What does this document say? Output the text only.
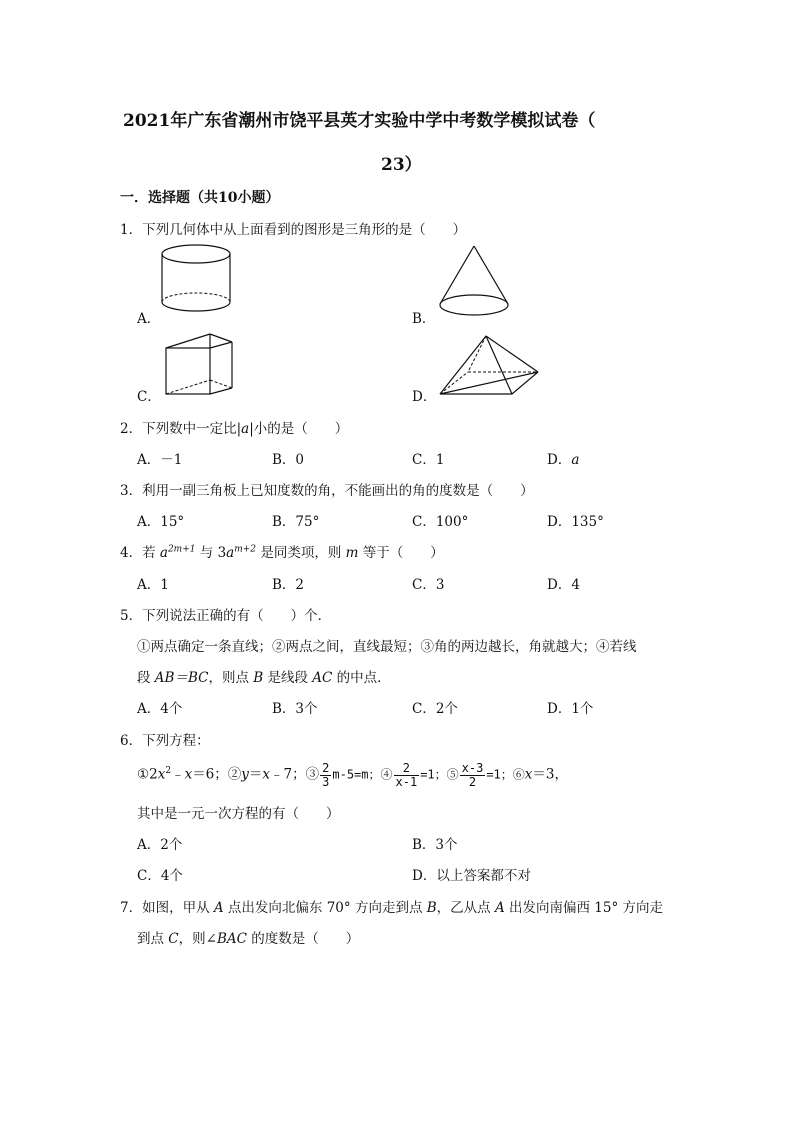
2021年广东省潮州市饶平县英才实验中学中考数学模拟试卷（
23）
一．选择题（共10小题）
1．下列几何体中从上面看到的图形是三角形的是（　　）
A．	B．
C．	D．
2．下列数中一定比|a|小的是（　　）
A．－1	B．0	C．1	D．a
3．利用一副三角板上已知度数的角，不能画出的角的度数是（　　）
A．15°	B．75°	C．100°	D．135°
4．若 $a^{2m+1}$ 与 $3a^{m+2}$ 是同类项，则 m 等于（　　）
A．1	B．2	C．3	D．4
5．下列说法正确的有（　　）个．
①两点确定一条直线；②两点之间，直线最短；③角的两边越长，角就越大；④若线
段 AB＝BC，则点 B 是线段 AC 的中点．
A．4个	B．3个	C．2个	D．1个
6．下列方程：
$①2x^2﹣x=6$；②y＝x﹣7；③ $\frac{2}{3} m-5=m$；④ $\frac{2}{x-1} =1$；⑤ $\frac{x-3}{2} =1$；⑥x＝3，
其中是一元一次方程的有（　　）
A．2个	B．3个
C．4个	D．以上答案都不对
7．如图，甲从 A 点出发向北偏东 70° 方向走到点 B，乙从点 A 出发向南偏西 15° 方向走
到点 C，则∠BAC 的度数是（　　）
